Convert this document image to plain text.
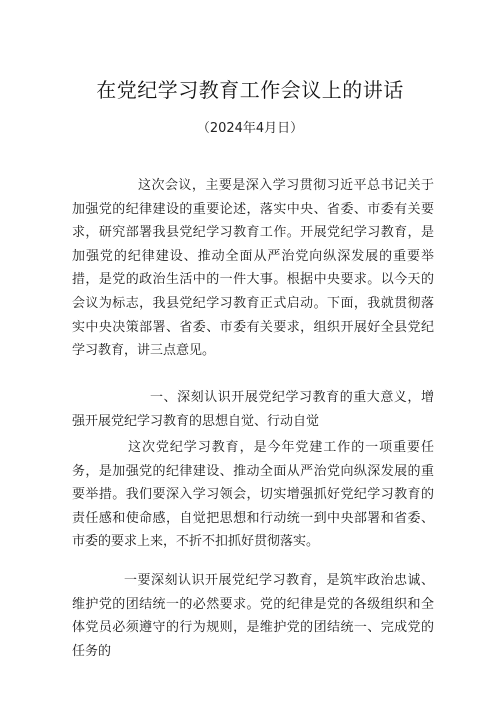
在党纪学习教育工作会议上的讲话
（2024年4月日）

这次会议，主要是深入学习贯彻习近平总书记关于加强党的纪律建设的重要论述，落实中央、省委、市委有关要求，研究部署我县党纪学习教育工作。开展党纪学习教育，是加强党的纪律建设、推动全面从严治党向纵深发展的重要举措，是党的政治生活中的一件大事。根据中央要求。以今天的会议为标志，我县党纪学习教育正式启动。下面，我就贯彻落实中央决策部署、省委、市委有关要求，组织开展好全县党纪学习教育，讲三点意见。

一、深刻认识开展党纪学习教育的重大意义，增强开展党纪学习教育的思想自觉、行动自觉

这次党纪学习教育，是今年党建工作的一项重要任务，是加强党的纪律建设、推动全面从严治党向纵深发展的重要举措。我们要深入学习领会，切实增强抓好党纪学习教育的责任感和使命感，自觉把思想和行动统一到中央部署和省委、市委的要求上来，不折不扣抓好贯彻落实。

一要深刻认识开展党纪学习教育，是筑牢政治忠诚、维护党的团结统一的必然要求。党的纪律是党的各级组织和全体党员必须遵守的行为规则，是维护党的团结统一、完成党的任务的
